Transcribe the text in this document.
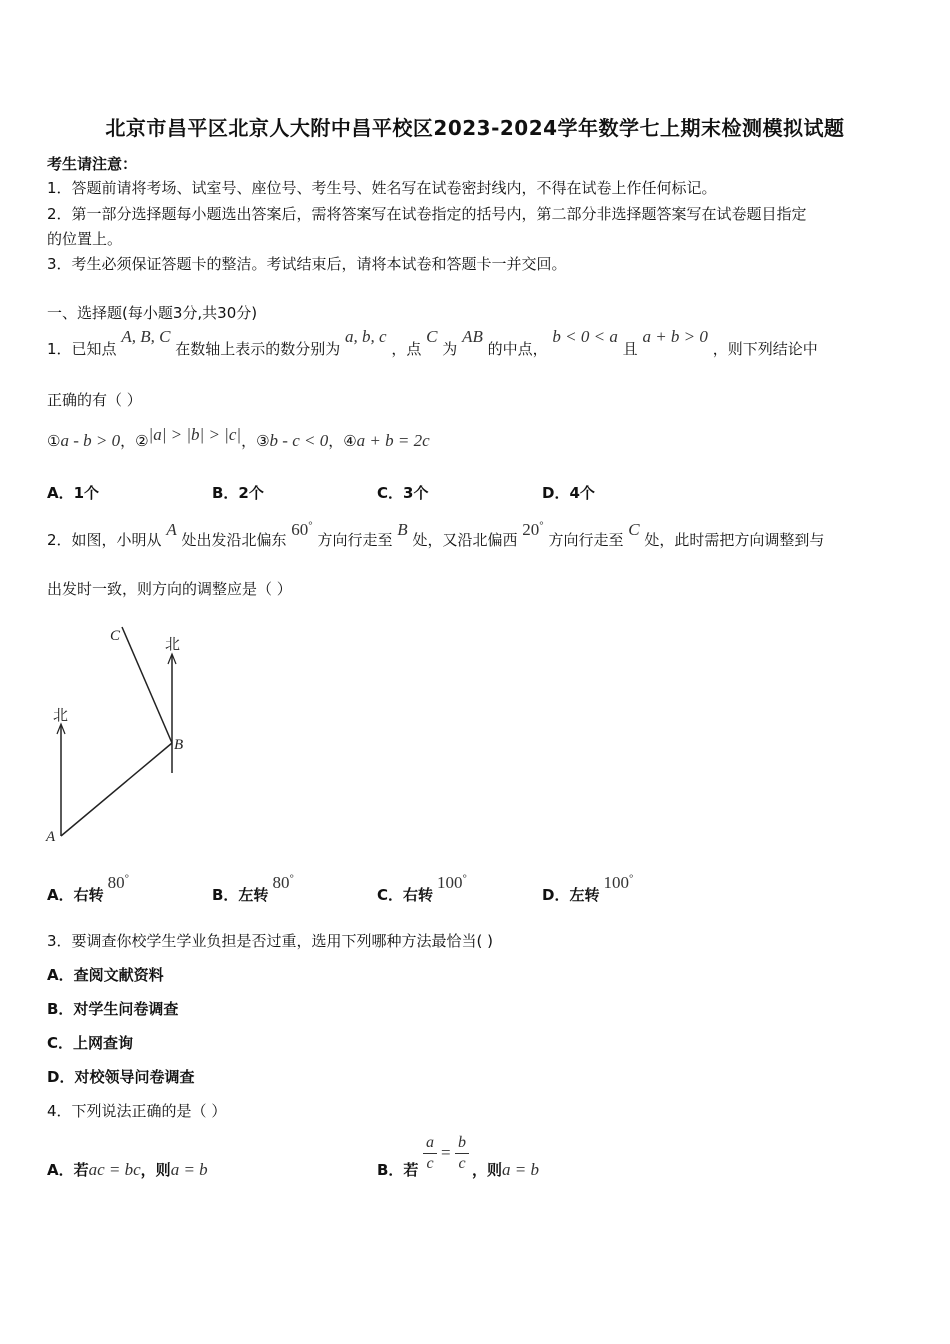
北京市昌平区北京人大附中昌平校区2023-2024学年数学七上期末检测模拟试题
考生请注意：
1．答题前请将考场、试室号、座位号、考生号、姓名写在试卷密封线内，不得在试卷上作任何标记。
2．第一部分选择题每小题选出答案后，需将答案写在试卷指定的括号内，第二部分非选择题答案写在试卷题目指定
的位置上。
3．考生必须保证答题卡的整洁。考试结束后，请将本试卷和答题卡一并交回。
一、选择题(每小题3分,共30分)
1．已知点 A, B, C 在数轴上表示的数分别为 a, b, c ，点 C 为 AB 的中点， b < 0 < a 且 a + b > 0 ，则下列结论中
正确的有（ ）
①a - b > 0，②|a| > |b| > |c|，③b - c < 0，④a + b = 2c
A．1个	B．2个	C．3个	D．4个
2．如图，小明从 A 处出发沿北偏东 60° 方向行走至 B 处，又沿北偏西 20° 方向行走至 C 处，此时需把方向调整到与
出发时一致，则方向的调整应是（ ）
北
北
A
B
C
A．右转80°
B．左转80°
C．右转100°
D．左转100°
3．要调查你校学生学业负担是否过重，选用下列哪种方法最恰当( )
A．查阅文献资料
B．对学生问卷调查
C．上网查询
D．对校领导问卷调查
4．下列说法正确的是（ ）
A．若ac = bc，则a = b	B．若
a
c
=
b
c ，则a = b
